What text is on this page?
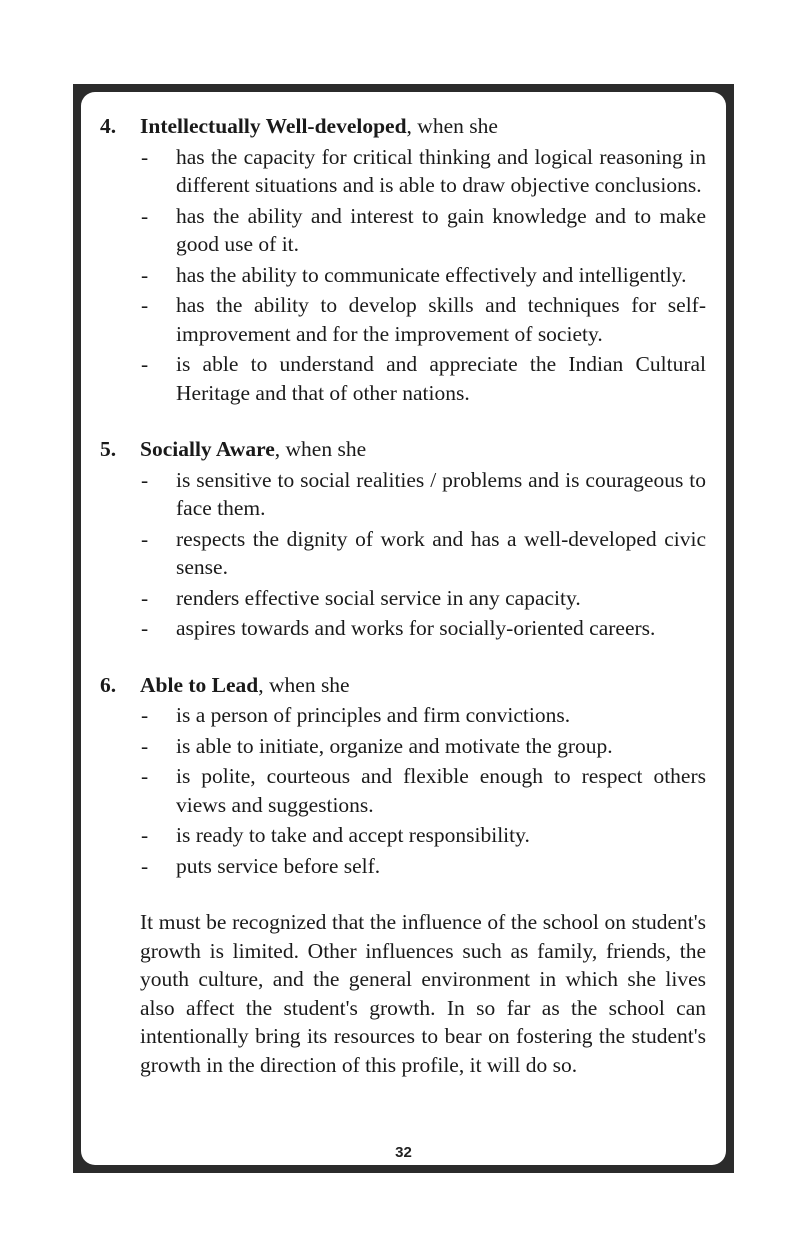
4. Intellectually Well-developed, when she
- has the capacity for critical thinking and logical reasoning in different situations and is able to draw objective conclusions.
- has the ability and interest to gain knowledge and to make good use of it.
- has the ability to communicate effectively and intelligently.
- has the ability to develop skills and techniques for self-improvement and for the improvement of society.
- is able to understand and appreciate the Indian Cultural Heritage and that of other nations.
5. Socially Aware, when she
- is sensitive to social realities / problems and is courageous to face them.
- respects the dignity of work and has a well-developed civic sense.
- renders effective social service in any capacity.
- aspires towards and works for socially-oriented careers.
6. Able to Lead, when she
- is a person of principles and firm convictions.
- is able to initiate, organize and motivate the group.
- is polite, courteous and flexible enough to respect others views and suggestions.
- is ready to take and accept responsibility.
- puts service before self.

It must be recognized that the influence of the school on student's growth is limited. Other influences such as family, friends, the youth culture, and the general environment in which she lives also affect the student's growth. In so far as the school can intentionally bring its resources to bear on fostering the student's growth in the direction of this profile, it will do so.

32
